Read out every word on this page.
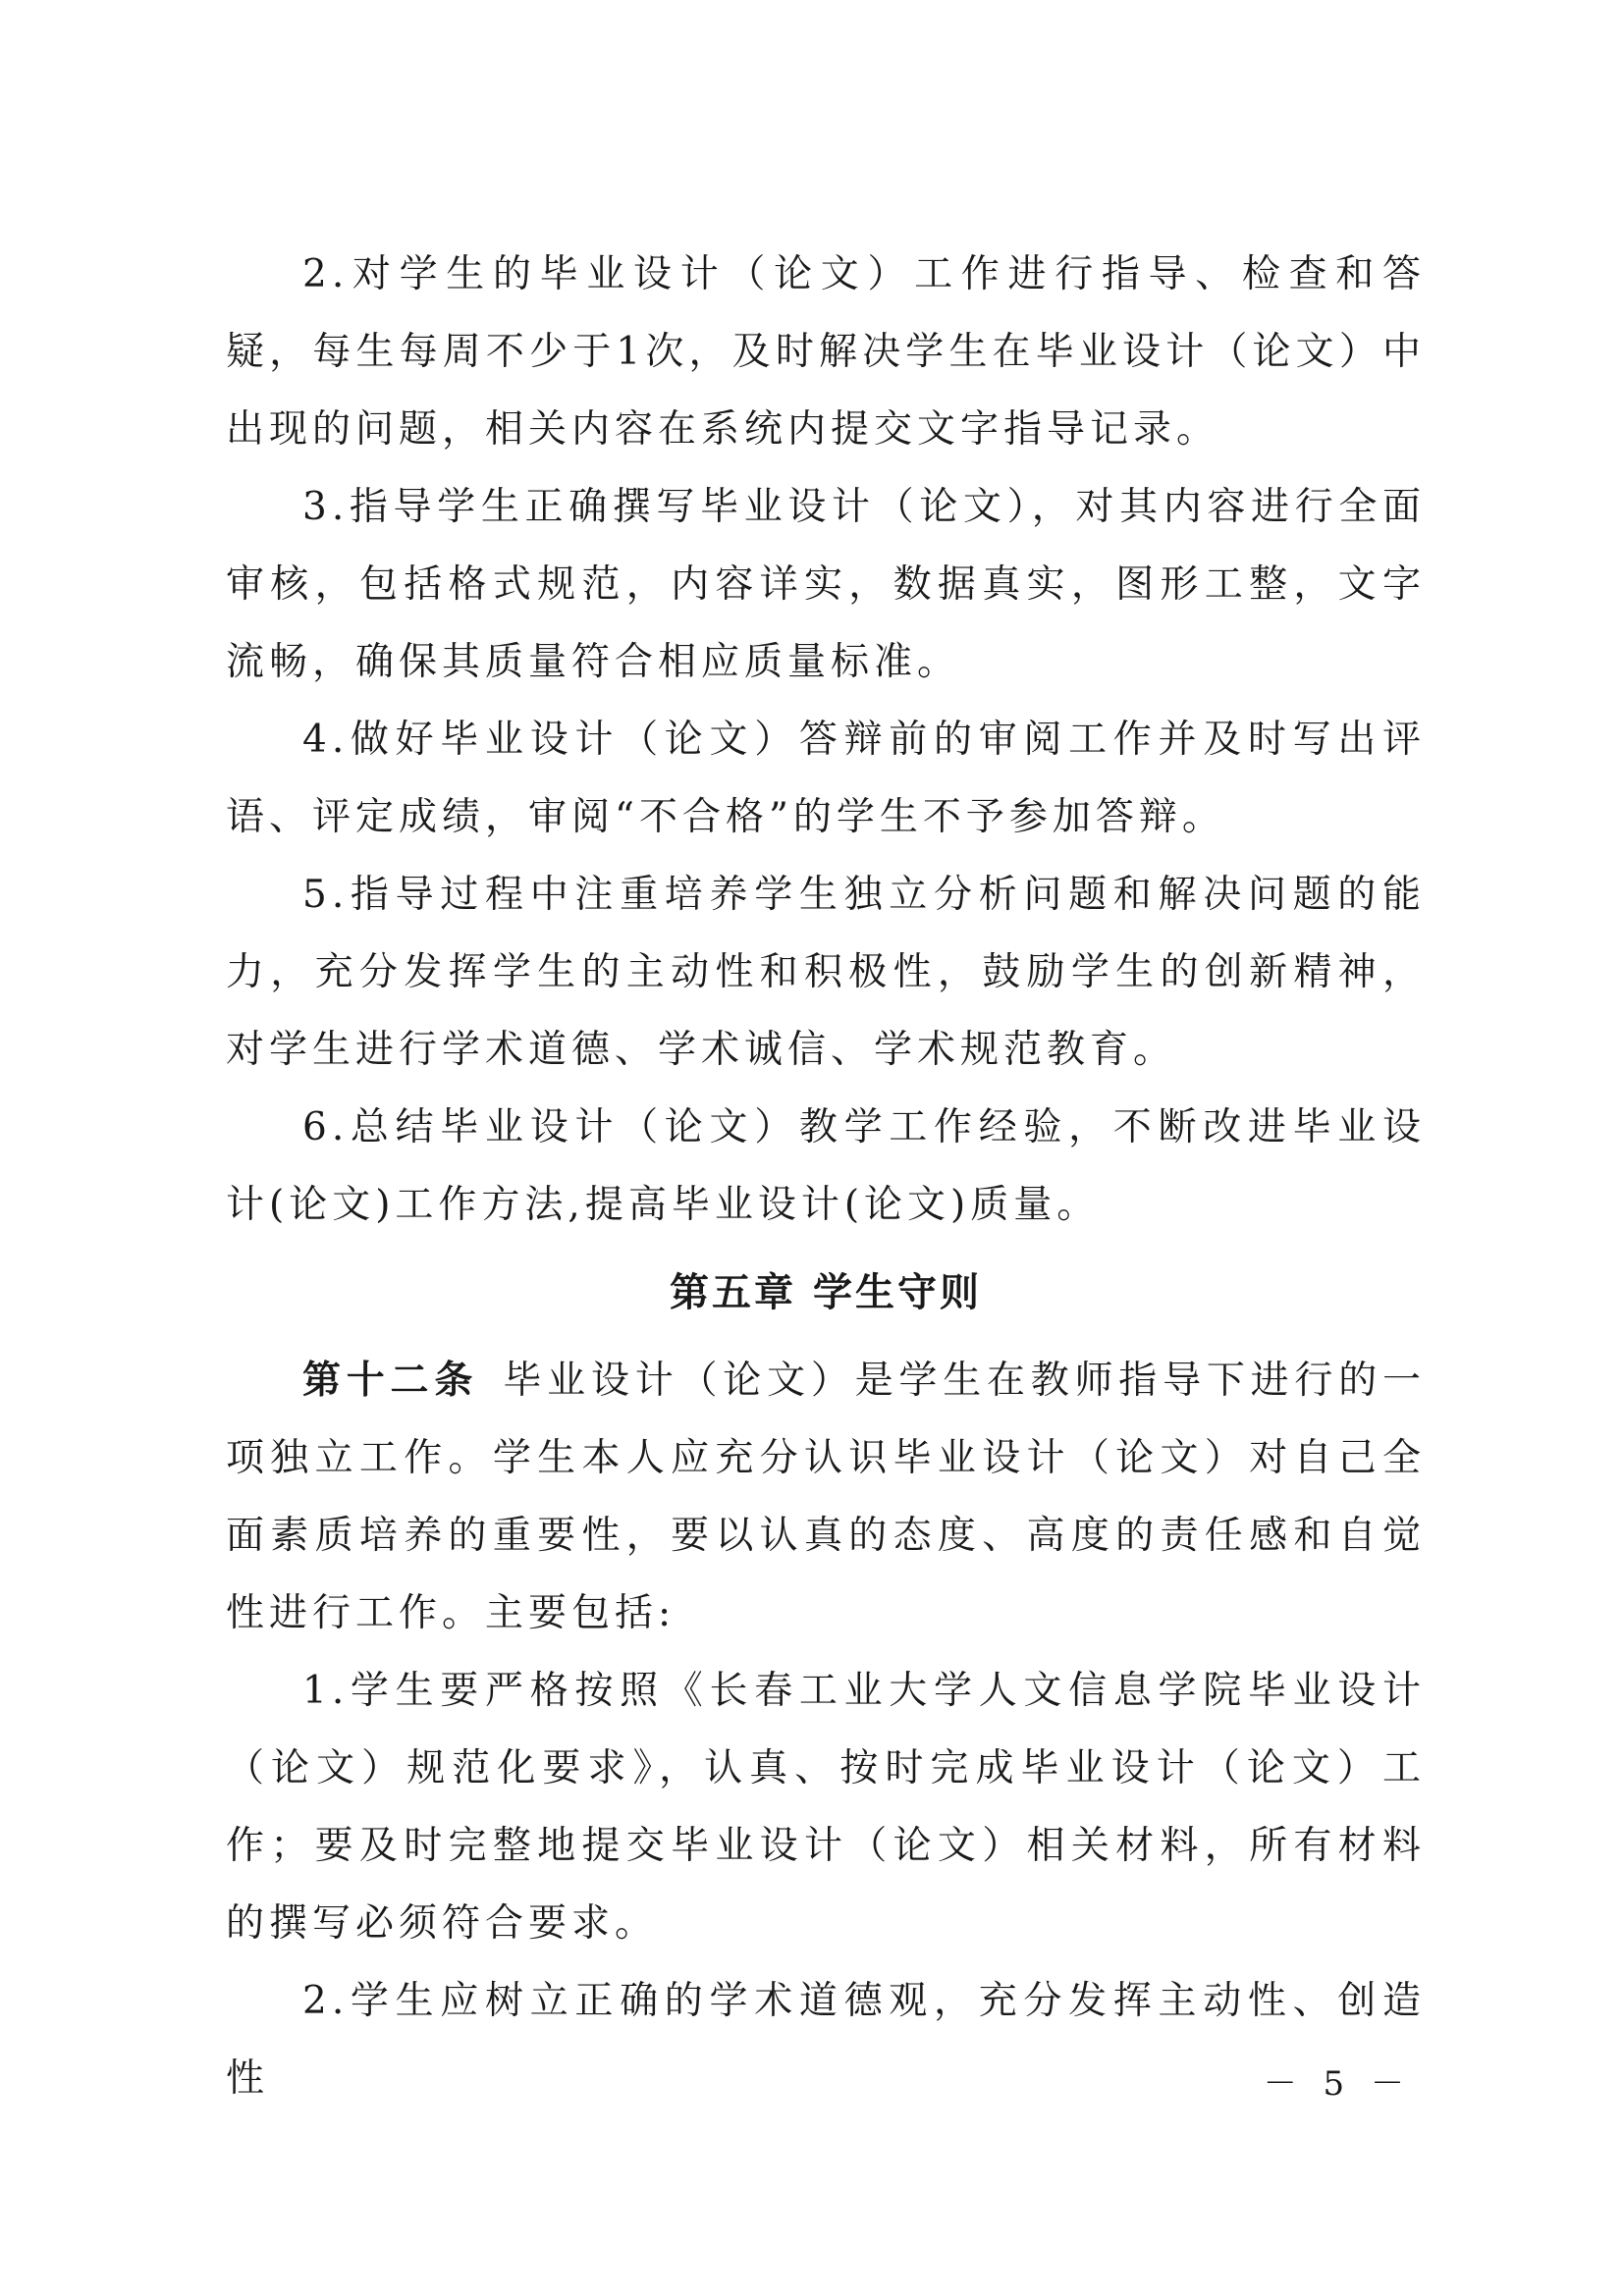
2.对学生的毕业设计（论文）工作进行指导、检查和答疑，每生每周不少于1次，及时解决学生在毕业设计（论文）中出现的问题，相关内容在系统内提交文字指导记录。

3.指导学生正确撰写毕业设计（论文），对其内容进行全面审核，包括格式规范，内容详实，数据真实，图形工整，文字流畅，确保其质量符合相应质量标准。

4.做好毕业设计（论文）答辩前的审阅工作并及时写出评语、评定成绩，审阅“不合格”的学生不予参加答辩。

5.指导过程中注重培养学生独立分析问题和解决问题的能力，充分发挥学生的主动性和积极性，鼓励学生的创新精神，对学生进行学术道德、学术诚信、学术规范教育。

6.总结毕业设计（论文）教学工作经验，不断改进毕业设计(论文)工作方法,提高毕业设计(论文)质量。

第五章 学生守则

第十二条  毕业设计（论文）是学生在教师指导下进行的一项独立工作。学生本人应充分认识毕业设计（论文）对自己全面素质培养的重要性，要以认真的态度、高度的责任感和自觉性进行工作。主要包括:

1.学生要严格按照《长春工业大学人文信息学院毕业设计（论文）规范化要求》，认真、按时完成毕业设计（论文）工作；要及时完整地提交毕业设计（论文）相关材料，所有材料的撰写必须符合要求。

2.学生应树立正确的学术道德观，充分发挥主动性、创造性	－ 5 －
